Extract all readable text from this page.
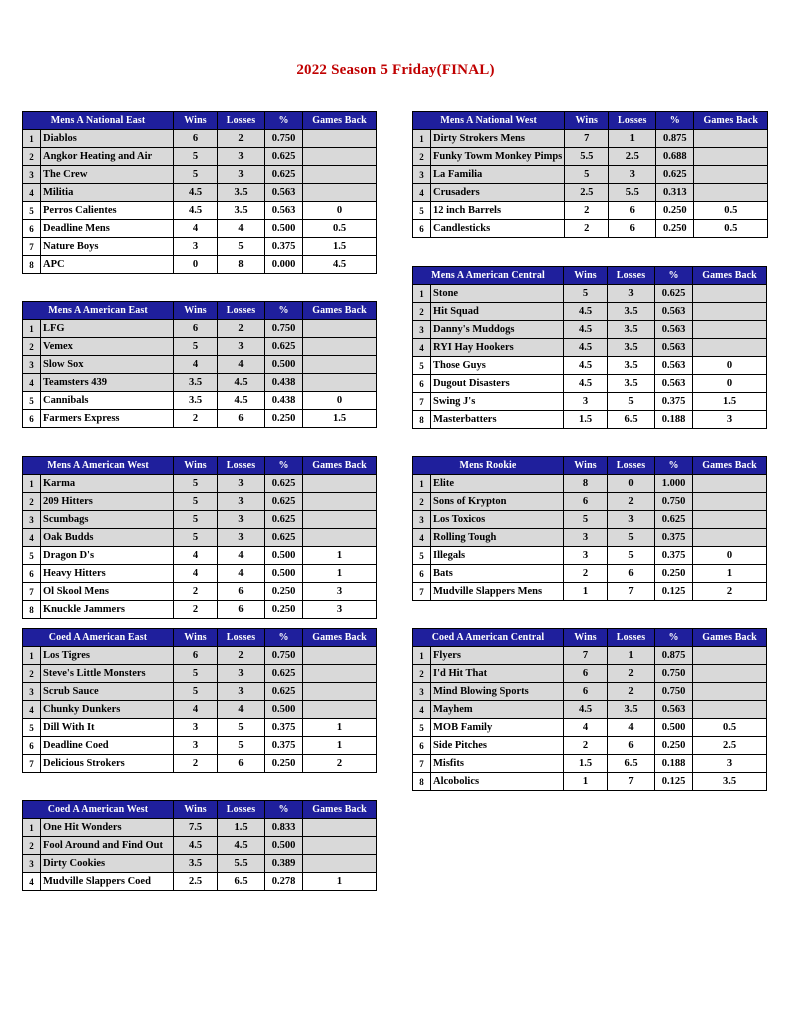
2022 Season 5 Friday(FINAL)
Mens A National East		Wins	Losses	%	Games Back
1	Diablos	6	2	0.750	
2	Angkor Heating and Air	5	3	0.625	
3	The Crew	5	3	0.625	
4	Militia	4.5	3.5	0.563	
5	Perros Calientes	4.5	3.5	0.563	0
6	Deadline Mens	4	4	0.500	0.5
7	Nature Boys	3	5	0.375	1.5
8	APC	0	8	0.000	4.5
Mens A American East		Wins	Losses	%	Games Back
1	LFG	6	2	0.750	
2	Vemex	5	3	0.625	
3	Slow Sox	4	4	0.500	
4	Teamsters 439	3.5	4.5	0.438	
5	Cannibals	3.5	4.5	0.438	0
6	Farmers Express	2	6	0.250	1.5
Mens A American West		Wins	Losses	%	Games Back
1	Karma	5	3	0.625	
2	209 Hitters	5	3	0.625	
3	Scumbags	5	3	0.625	
4	Oak Budds	5	3	0.625	
5	Dragon D's	4	4	0.500	1
6	Heavy Hitters	4	4	0.500	1
7	Ol Skool Mens	2	6	0.250	3
8	Knuckle Jammers	2	6	0.250	3
Coed A American East		Wins	Losses	%	Games Back
1	Los Tigres	6	2	0.750	
2	Steve's Little Monsters	5	3	0.625	
3	Scrub Sauce	5	3	0.625	
4	Chunky Dunkers	4	4	0.500	
5	Dill With It	3	5	0.375	1
6	Deadline Coed	3	5	0.375	1
7	Delicious Strokers	2	6	0.250	2
Coed A American West		Wins	Losses	%	Games Back
1	One Hit Wonders	7.5	1.5	0.833	
2	Fool Around and Find Out	4.5	4.5	0.500	
3	Dirty Cookies	3.5	5.5	0.389	
4	Mudville Slappers Coed	2.5	6.5	0.278	1
Mens A National West		Wins	Losses	%	Games Back
1	Dirty Strokers Mens	7	1	0.875	
2	Funky Towm Monkey Pimps	5.5	2.5	0.688	
3	La Familia	5	3	0.625	
4	Crusaders	2.5	5.5	0.313	
5	12 inch Barrels	2	6	0.250	0.5
6	Candlesticks	2	6	0.250	0.5
Mens A American Central		Wins	Losses	%	Games Back
1	Stone	5	3	0.625	
2	Hit Squad	4.5	3.5	0.563	
3	Danny's Muddogs	4.5	3.5	0.563	
4	RYI Hay Hookers	4.5	3.5	0.563	
5	Those Guys	4.5	3.5	0.563	0
6	Dugout Disasters	4.5	3.5	0.563	0
7	Swing J's	3	5	0.375	1.5
8	Masterbatters	1.5	6.5	0.188	3
Mens Rookie		Wins	Losses	%	Games Back
1	Elite	8	0	1.000	
2	Sons of Krypton	6	2	0.750	
3	Los Toxicos	5	3	0.625	
4	Rolling Tough	3	5	0.375	
5	Illegals	3	5	0.375	0
6	Bats	2	6	0.250	1
7	Mudville Slappers Mens	1	7	0.125	2
Coed A American Central		Wins	Losses	%	Games Back
1	Flyers	7	1	0.875	
2	I'd Hit That	6	2	0.750	
3	Mind Blowing Sports	6	2	0.750	
4	Mayhem	4.5	3.5	0.563	
5	MOB Family	4	4	0.500	0.5
6	Side Pitches	2	6	0.250	2.5
7	Misfits	1.5	6.5	0.188	3
8	Alcobolics	1	7	0.125	3.5
